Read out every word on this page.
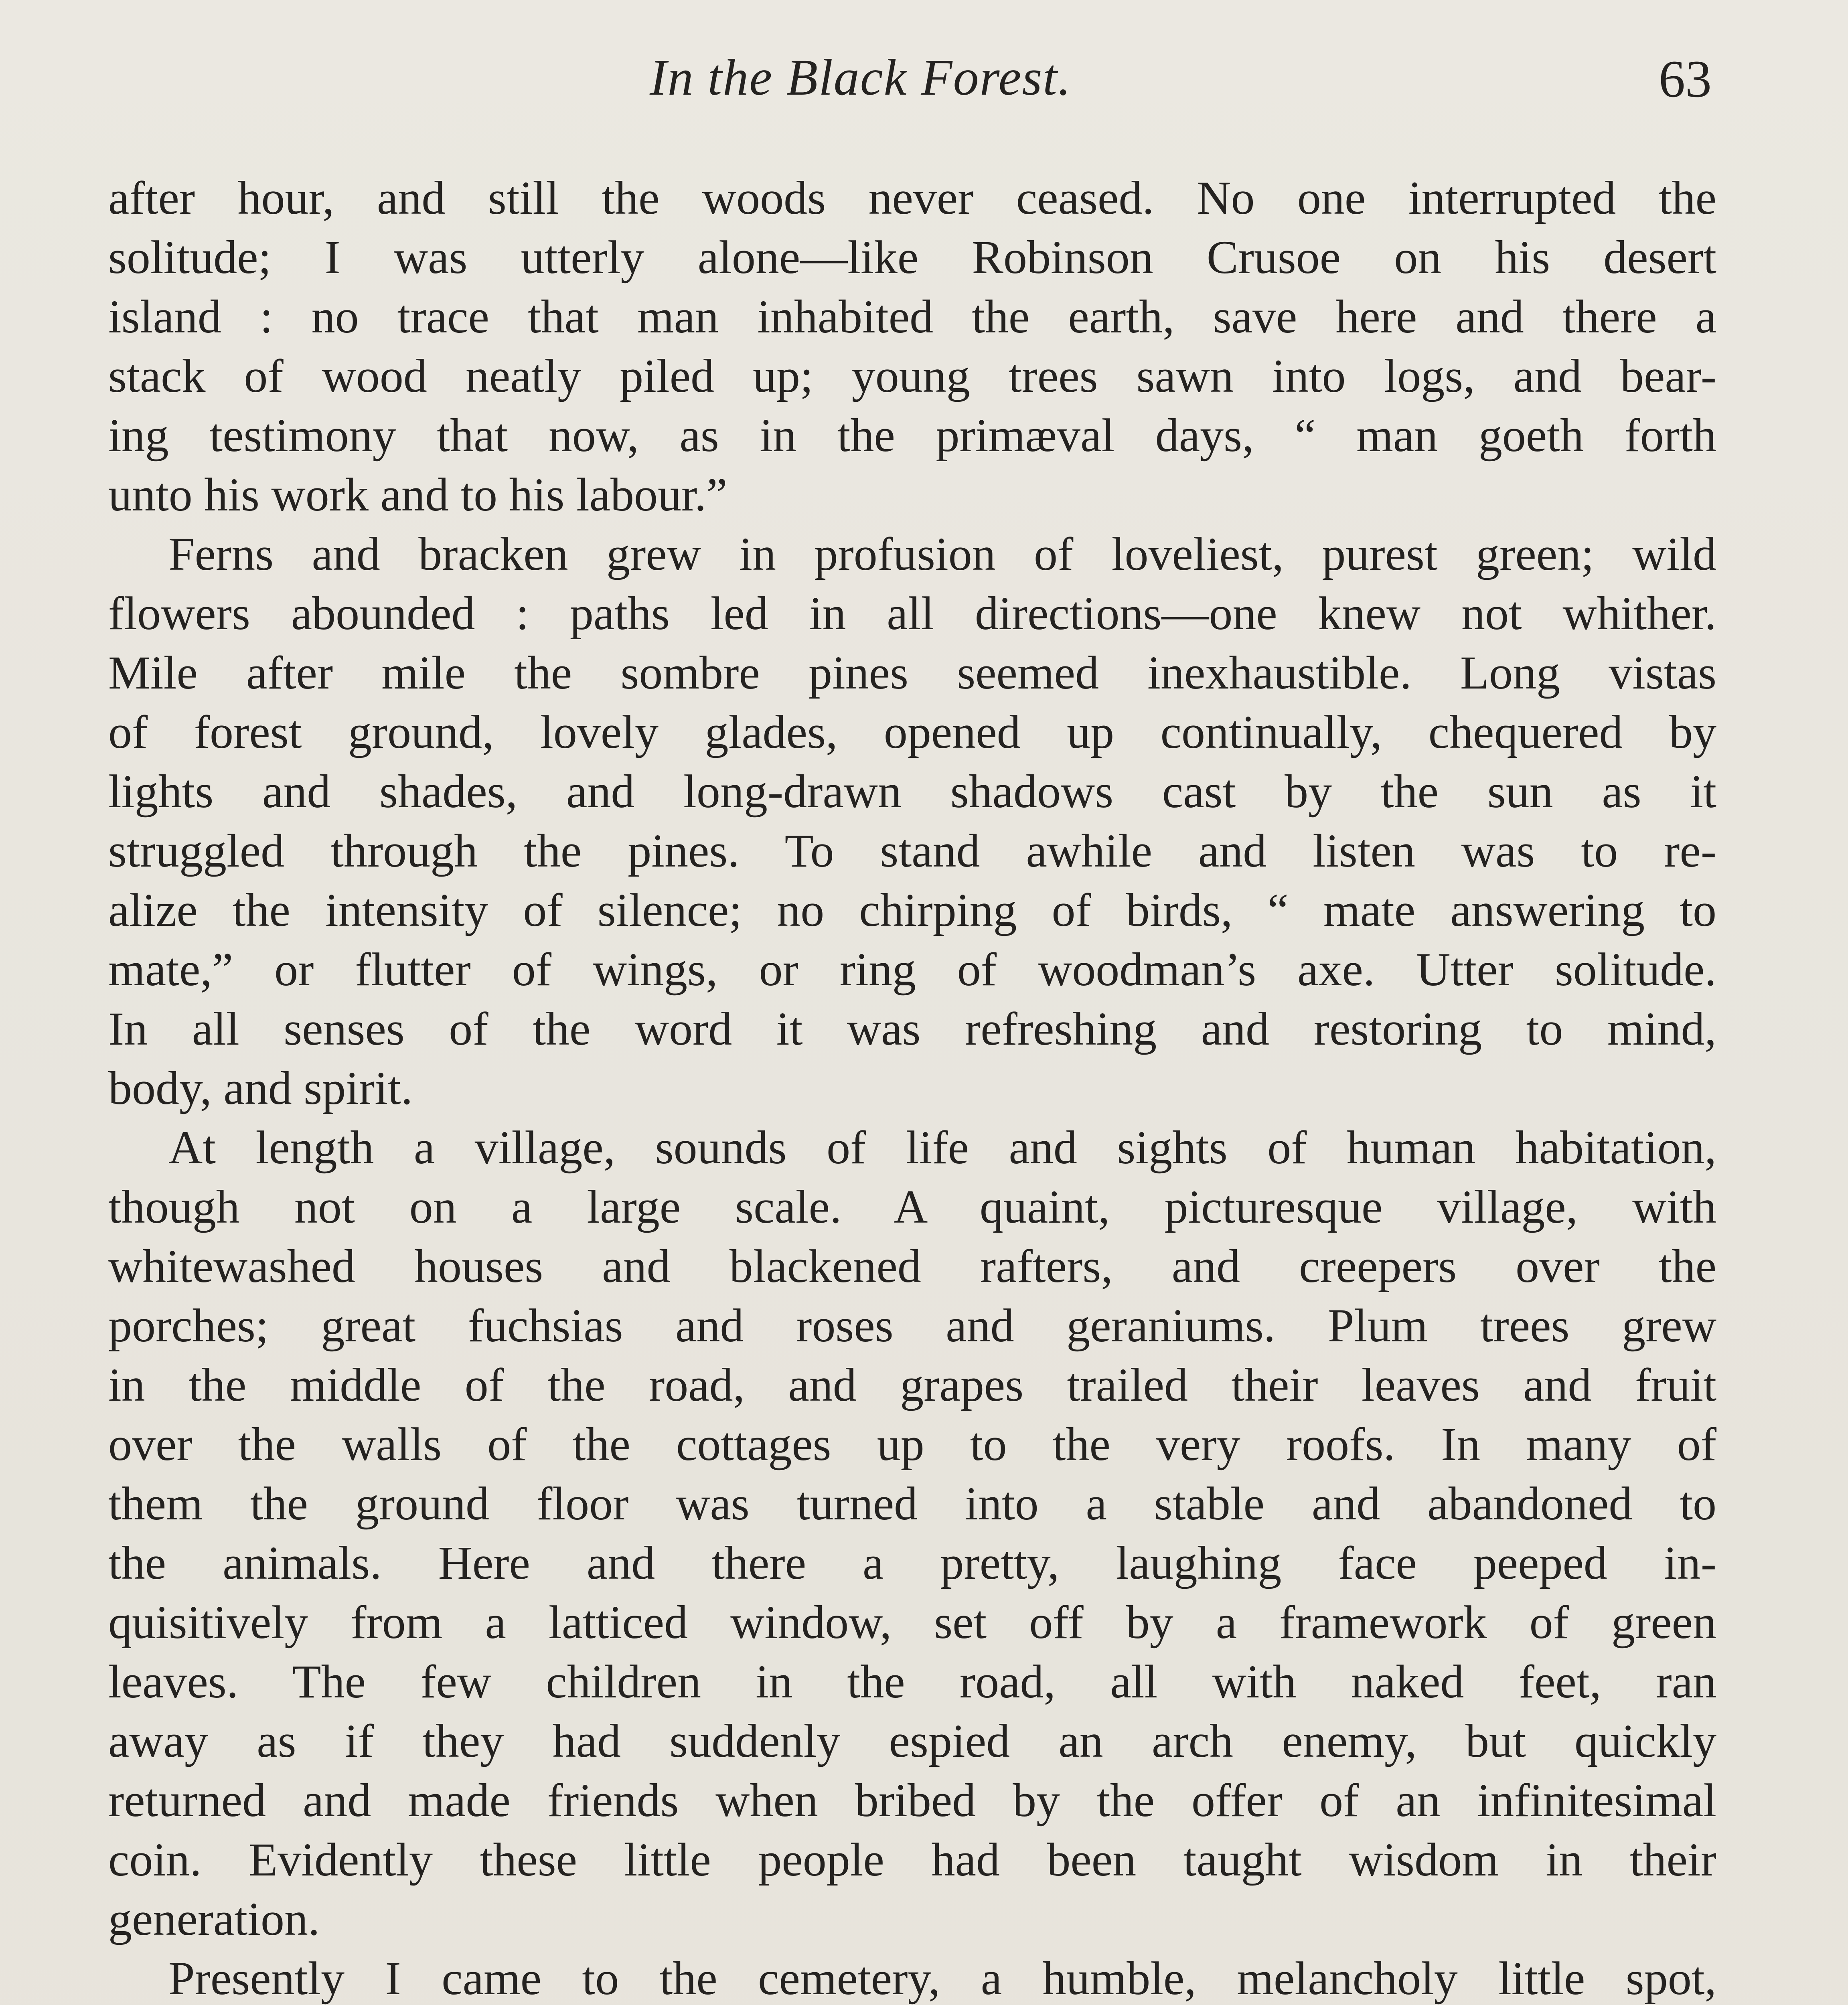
In the Black Forest.	63
after hour, and still the woods never ceased. No one interrupted the
solitude; I was utterly alone—like Robinson Crusoe on his desert
island : no trace that man inhabited the earth, save here and there a
stack of wood neatly piled up; young trees sawn into logs, and bear-
ing testimony that now, as in the primæval days, “ man goeth forth
unto his work and to his labour.”
Ferns and bracken grew in profusion of loveliest, purest green; wild
flowers abounded : paths led in all directions—one knew not whither.
Mile after mile the sombre pines seemed inexhaustible. Long vistas
of forest ground, lovely glades, opened up continually, chequered by
lights and shades, and long-drawn shadows cast by the sun as it
struggled through the pines. To stand awhile and listen was to re-
alize the intensity of silence; no chirping of birds, “ mate answering to
mate,” or flutter of wings, or ring of woodman’s axe. Utter solitude.
In all senses of the word it was refreshing and restoring to mind,
body, and spirit.
At length a village, sounds of life and sights of human habitation,
though not on a large scale. A quaint, picturesque village, with
whitewashed houses and blackened rafters, and creepers over the
porches; great fuchsias and roses and geraniums. Plum trees grew
in the middle of the road, and grapes trailed their leaves and fruit
over the walls of the cottages up to the very roofs. In many of
them the ground floor was turned into a stable and abandoned to
the animals. Here and there a pretty, laughing face peeped in-
quisitively from a latticed window, set off by a framework of green
leaves. The few children in the road, all with naked feet, ran
away as if they had suddenly espied an arch enemy, but quickly
returned and made friends when bribed by the offer of an infinitesimal
coin. Evidently these little people had been taught wisdom in their
generation.
Presently I came to the cemetery, a humble, melancholy little spot,
